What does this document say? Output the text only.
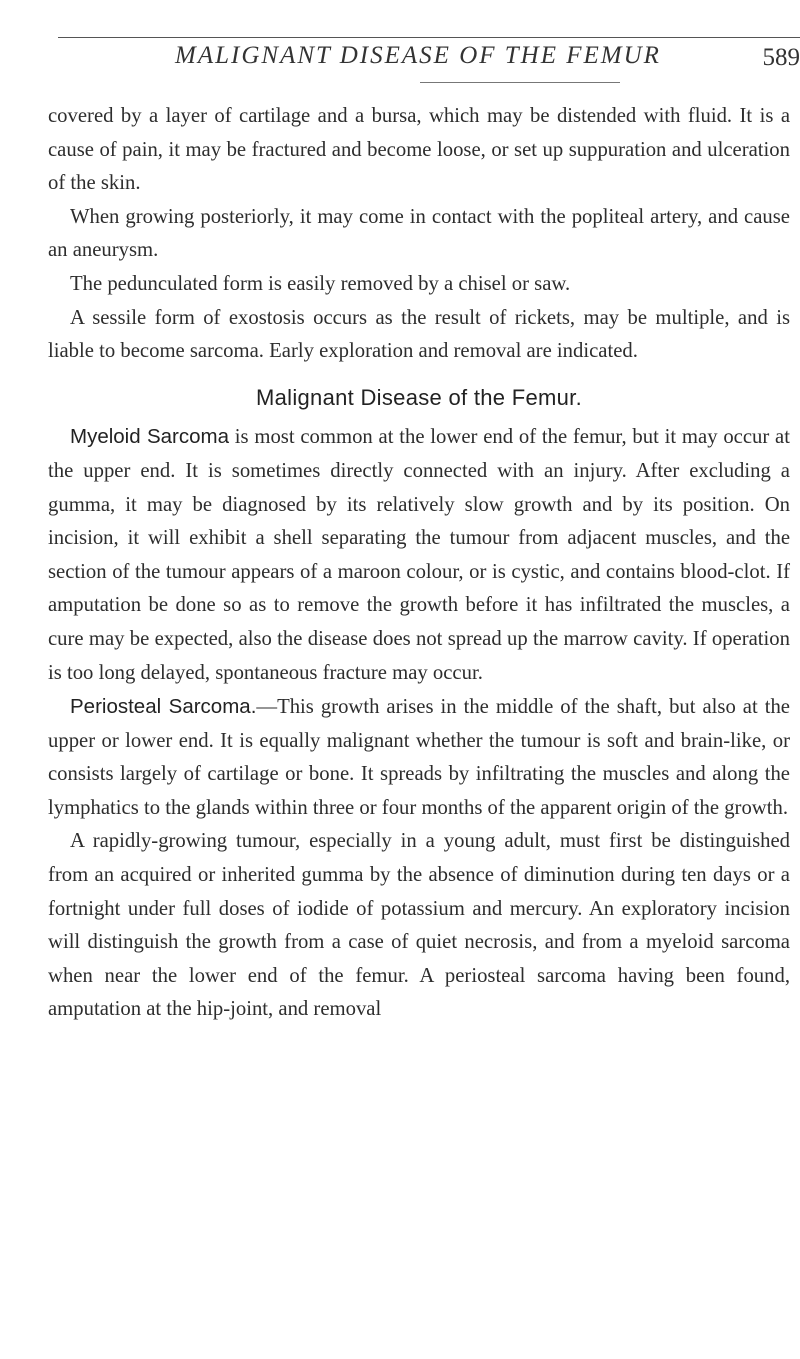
MALIGNANT DISEASE OF THE FEMUR	589

covered by a layer of cartilage and a bursa, which may be distended with fluid. It is a cause of pain, it may be fractured and become loose, or set up suppuration and ulceration of the skin.

When growing posteriorly, it may come in contact with the popliteal artery, and cause an aneurysm.

The pedunculated form is easily removed by a chisel or saw.

A sessile form of exostosis occurs as the result of rickets, may be multiple, and is liable to become sarcoma. Early exploration and removal are indicated.

Malignant Disease of the Femur.

Myeloid Sarcoma is most common at the lower end of the femur, but it may occur at the upper end. It is sometimes directly connected with an injury. After excluding a gumma, it may be diagnosed by its relatively slow growth and by its position. On incision, it will exhibit a shell separating the tumour from adjacent muscles, and the section of the tumour appears of a maroon colour, or is cystic, and contains blood-clot. If amputation be done so as to remove the growth before it has infiltrated the muscles, a cure may be expected, also the disease does not spread up the marrow cavity. If operation is too long delayed, spontaneous fracture may occur.

Periosteal Sarcoma.—This growth arises in the middle of the shaft, but also at the upper or lower end. It is equally malignant whether the tumour is soft and brain-like, or consists largely of cartilage or bone. It spreads by infiltrating the muscles and along the lymphatics to the glands within three or four months of the apparent origin of the growth.

A rapidly-growing tumour, especially in a young adult, must first be distinguished from an acquired or inherited gumma by the absence of diminution during ten days or a fortnight under full doses of iodide of potassium and mercury. An exploratory incision will distinguish the growth from a case of quiet necrosis, and from a myeloid sarcoma when near the lower end of the femur. A periosteal sarcoma having been found, amputation at the hip-joint, and removal
